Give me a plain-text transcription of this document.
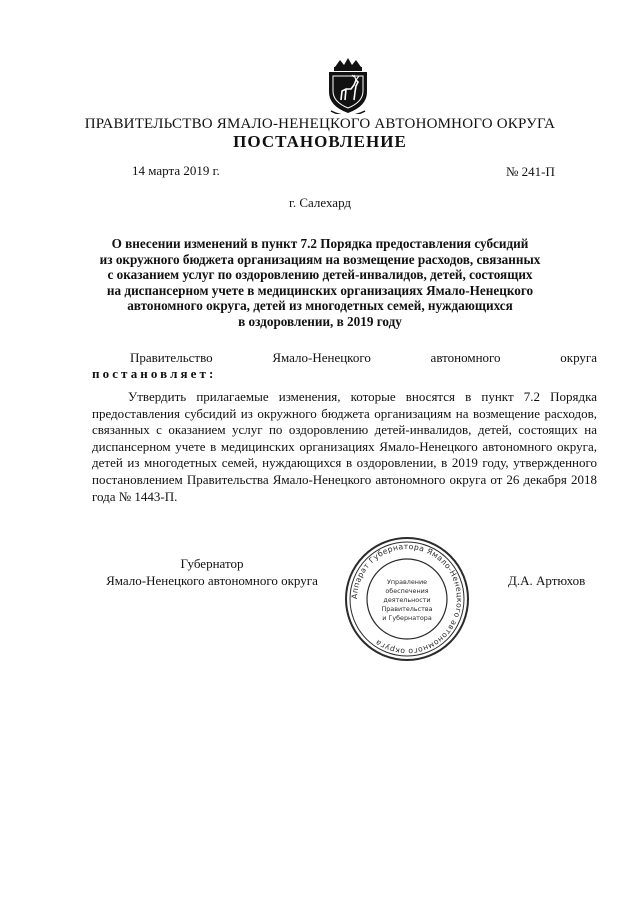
ПРАВИТЕЛЬСТВО ЯМАЛО-НЕНЕЦКОГО АВТОНОМНОГО ОКРУГА
ПОСТАНОВЛЕНИЕ
14 марта 2019 г.	№ 241-П
г. Салехард
О внесении изменений в пункт 7.2 Порядка предоставления субсидий
из окружного бюджета организациям на возмещение расходов, связанных
с оказанием услуг по оздоровлению детей-инвалидов, детей, состоящих
на диспансерном учете в медицинских организациях Ямало-Ненецкого
автономного округа, детей из многодетных семей, нуждающихся
в оздоровлении, в 2019 году
Правительство	Ямало-Ненецкого	автономного	округа
постановляет:
Утвердить прилагаемые изменения, которые вносятся в пункт 7.2 Порядка предоставления субсидий из окружного бюджета организациям на возмещение расходов, связанных с оказанием услуг по оздоровлению детей-инвалидов, детей, состоящих на диспансерном учете в медицинских организациях Ямало-Ненецкого автономного округа, детей из многодетных семей, нуждающихся в оздоровлении, в 2019 году, утвержденного постановлением Правительства Ямало-Ненецкого автономного округа от 26 декабря 2018 года № 1443-П.
Губернатор
Ямало-Ненецкого автономного округа
Аппарат Губернатора Ямало-Ненецкого автономного округа
Управление
обеспечения
деятельности
Правительства
и Губернатора
Д.А. Артюхов
